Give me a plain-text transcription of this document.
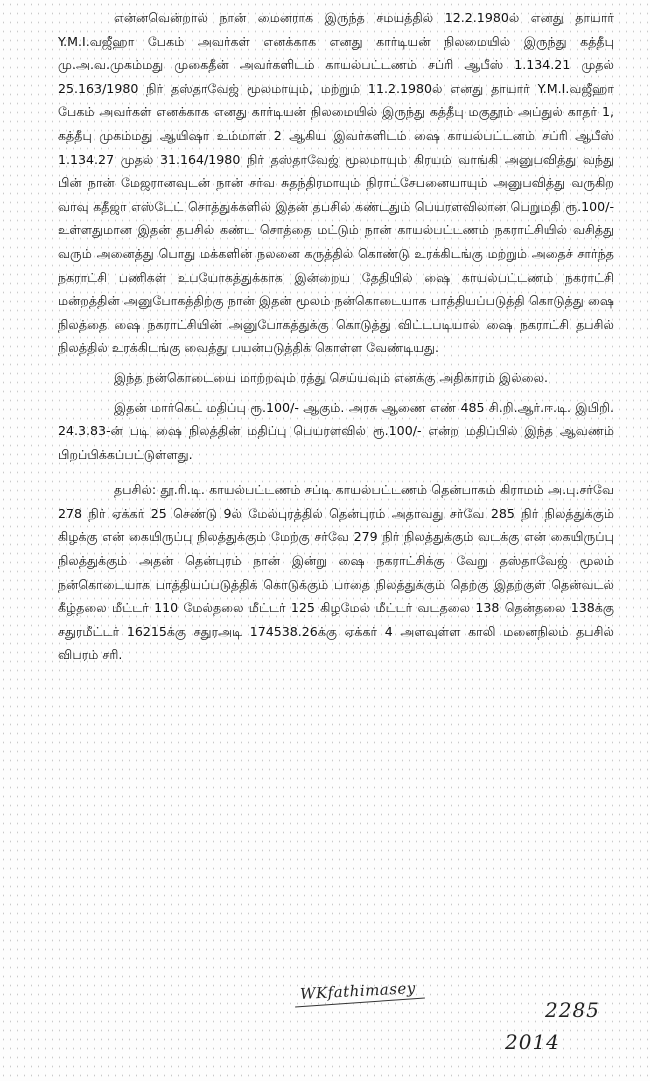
என்னவென்றால் நான் மைனராக இருந்த சமயத்தில் 12.2.1980ல் எனது தாயார் Y.M.I.வஜீஹா பேகம் அவர்கள் எனக்காக எனது கார்டியன் நிலமையில் இருந்து கத்தீபு மு.அ.வ.முகம்மது முகைதீன் அவர்களிடம் காயல்பட்டணம் சப்ரி ஆபீஸ் 1.134.21 முதல் 25.163/1980 நிர் தஸ்தாவேஜ் மூலமாயும், மற்றும் 11.2.1980ல் எனது தாயார் Y.M.I.வஜீஹா பேகம் அவர்கள் எனக்காக எனது கார்டியன் நிலமையில் இருந்து கத்தீபு மகுதூம் அப்துல் காதர் 1, கத்தீபு முகம்மது ஆயிஷா உம்மாள் 2 ஆகிய இவர்களிடம் ஷை காயல்பட்டனம் சப்ரி ஆபீஸ் 1.134.27 முதல் 31.164/1980 நிர் தஸ்தாவேஜ் மூலமாயும் கிரயம் வாங்கி அனுபவித்து வந்து பின் நான் மேஜரானவுடன் நான் சர்வ சுதந்திரமாயும் நிராட்சேபனையாயும் அனுபவித்து வருகிற வாவு கதீஜா எஸ்டேட் சொத்துக்களில் இதன் தபசில் கண்டதும் பெயரளவிலான பெறுமதி ரூ.100/- உள்ளதுமான இதன் தபசில் கண்ட சொத்தை மட்டும் நான் காயல்பட்டணம் நகராட்சியில் வசித்து வரும் அனைத்து பொது மக்களின் நலனை கருத்தில் கொண்டு உரக்கிடங்கு மற்றும் அதைச் சார்ந்த நகராட்சி பணிகள் உபயோகத்துக்காக இன்றைய தேதியில் ஷை காயல்பட்டணம் நகராட்சி மன்றத்தின் அனுபோகத்திற்கு நான் இதன் மூலம் நன்கொடையாக பாத்தியப்படுத்தி கொடுத்து ஷை நிலத்தை ஷை நகராட்சியின் அனுபோகத்துக்கு கொடுத்து விட்டபடியால் ஷை நகராட்சி தபசில் நிலத்தில் உரக்கிடங்கு வைத்து பயன்படுத்திக் கொள்ள வேண்டியது.

இந்த நன்கொடையை மாற்றவும் ரத்து செய்யவும் எனக்கு அதிகாரம் இல்லை.

இதன் மார்கெட் மதிப்பு ரூ.100/- ஆகும். அரசு ஆணை எண் 485 சி.றி.ஆர்.ஈ.டி. இபிறி. 24.3.83-ன் படி ஷை நிலத்தின் மதிப்பு பெயரளவில் ரூ.100/- என்ற மதிப்பில் இந்த ஆவணம் பிறப்பிக்கப்பட்டுள்ளது.

தபசில்: தூ.ரி.டி. காயல்பட்டணம் சப்டி காயல்பட்டணம் தென்பாகம் கிராமம் அ.பு.சர்வே 278 நிர் ஏக்கர் 25 செண்டு 9ல் மேல்புரத்தில் தென்புரம் அதாவது சர்வே 285 நிர் நிலத்துக்கும் கிழக்கு என் கையிருப்பு நிலத்துக்கும் மேற்கு சர்வே 279 நிர் நிலத்துக்கும் வடக்கு என் கையிருப்பு நிலத்துக்கும் அதன் தென்புரம் நான் இன்று ஷை நகராட்சிக்கு வேறு தஸ்தாவேஜ் மூலம் நன்கொடையாக பாத்தியப்படுத்திக் கொடுக்கும் பாதை நிலத்துக்கும் தெற்கு இதற்குள் தென்வடல் கீழ்தலை மீட்டர் 110 மேல்தலை மீட்டர் 125 கிழமேல் மீட்டர் வடதலை 138 தென்தலை 138க்கு சதுரமீட்டர் 16215க்கு சதுரஅடி 174538.26க்கு ஏக்கர் 4 அளவுள்ள காலி மனைநிலம் தபசில் விபரம் சரி.

WKfathimasey
2285
2014
